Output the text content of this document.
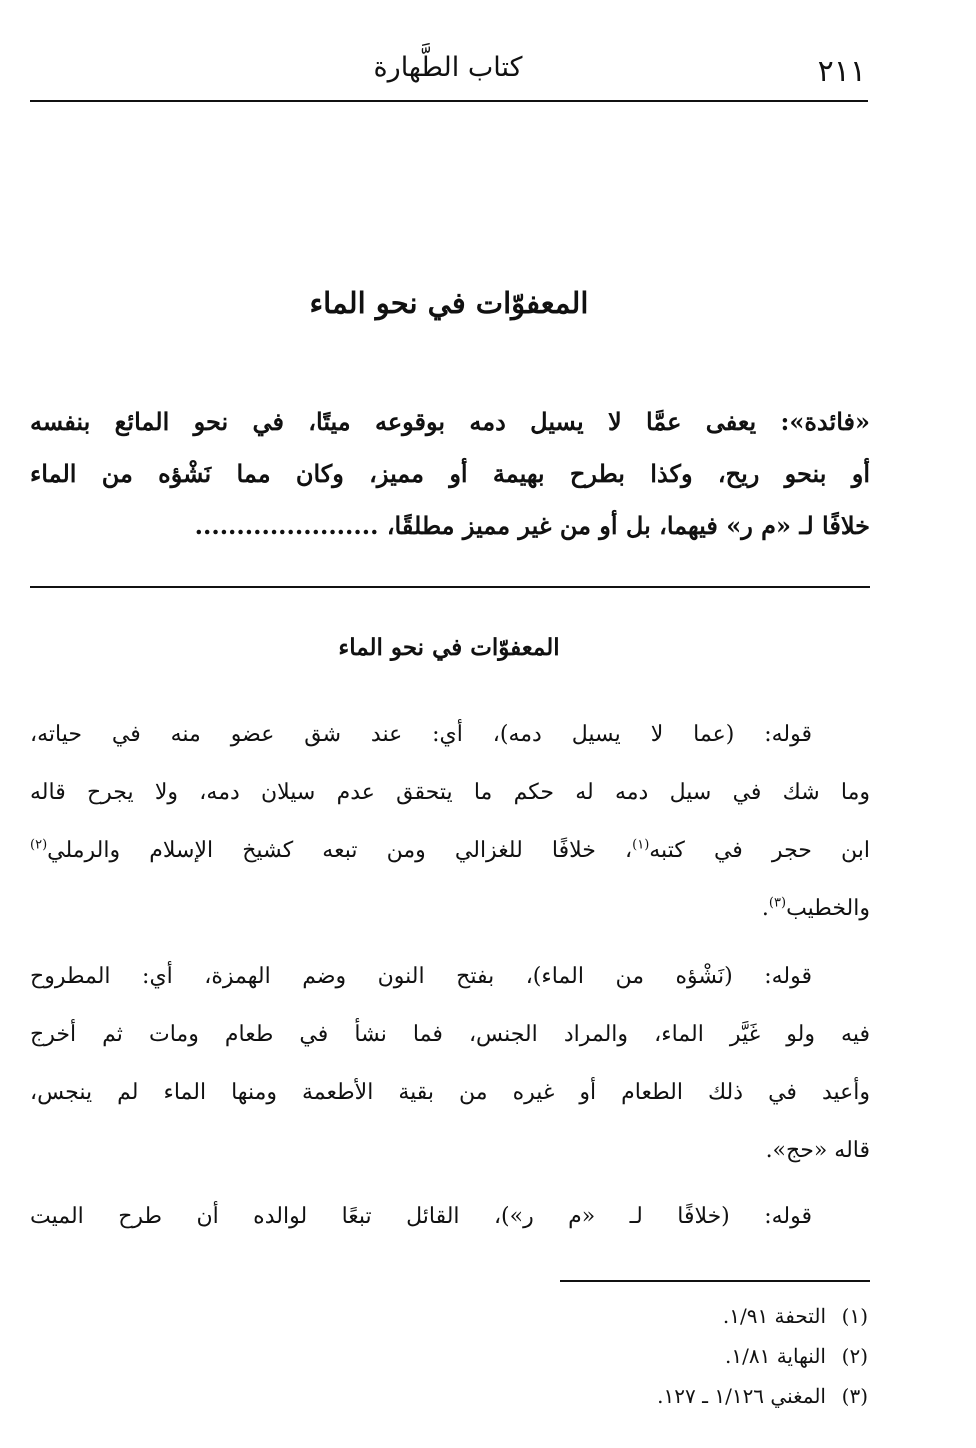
٢١١
كتاب الطَّهارة
المعفوّات في نحو الماء
«فائدة»: يعفى عمَّا لا يسيل دمه بوقوعه ميتًا، في نحو المائع بنفسه
أو بنحو ريح، وكذا بطرح بهيمة أو مميز، وكان مما نَشْؤه من الماء
خلافًا لـ «م ر» فيهما، بل أو من غير مميز مطلقًا، ......................
المعفوّات في نحو الماء
قوله: (عما لا يسيل دمه)، أي: عند شق عضو منه في حياته،
وما شك في سيل دمه له حكم ما يتحقق عدم سيلان دمه، ولا يجرح قاله
ابن حجر في كتبه$^{(١)}$، خلافًا للغزالي ومن تبعه كشيخ الإسلام والرملي$^{(٢)}$
والخطيب$^{(٣)}$.
قوله: (نَشْؤه من الماء)، بفتح النون وضم الهمزة، أي: المطروح
فيه ولو غَيَّر الماء، والمراد الجنس، فما نشأ في طعام ومات ثم أخرج
وأعيد في ذلك الطعام أو غيره من بقية الأطعمة ومنها الماء لم ينجس،
قاله «حج».
قوله: (خلافًا لـ «م ر»)، القائل تبعًا لوالده أن طرح الميت
(١)التحفة ١/٩١.
(٢)النهاية ١/٨١.
(٣)المغني ١/١٢٦ ـ ١٢٧.
